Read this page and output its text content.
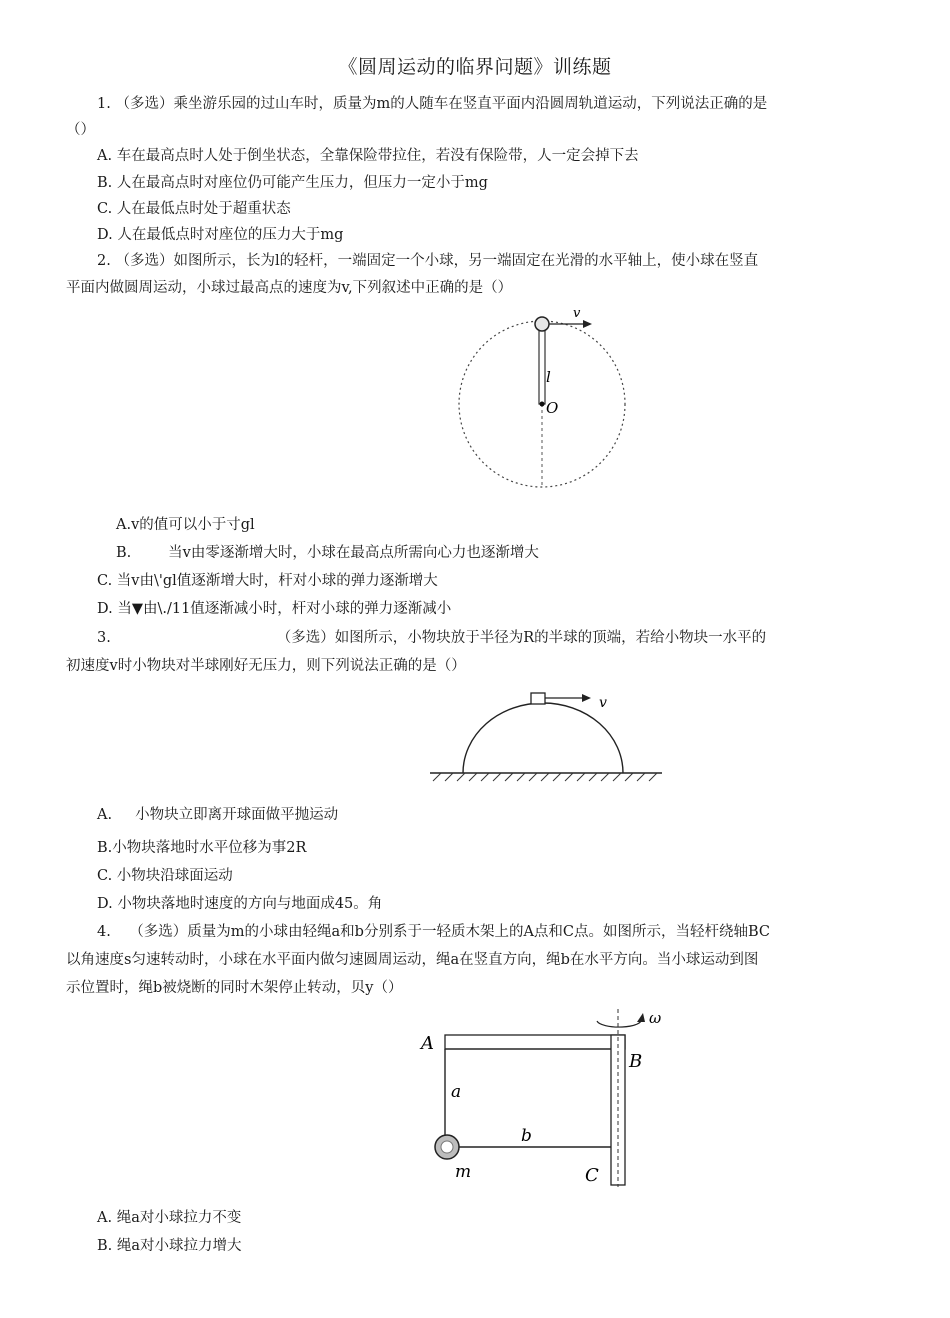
《圆周运动的临界问题》训练题
1. （多选）乘坐游乐园的过山车时，质量为m的人随车在竖直平面内沿圆周轨道运动，下列说法正确的是
（）
A. 车在最高点时人处于倒坐状态，全靠保险带拉住，若没有保险带，人一定会掉下去
B. 人在最高点时对座位仍可能产生压力，但压力一定小于mg
C. 人在最低点时处于超重状态
D. 人在最低点时对座位的压力大于mg
2. （多选）如图所示，长为l的轻杆，一端固定一个小球，另一端固定在光滑的水平轴上，使小球在竖直
平面内做圆周运动，小球过最高点的速度为v,下列叙述中正确的是（）
v
l
O
A.v的值可以小于寸gl
B.        当v由零逐渐增大时，小球在最高点所需向心力也逐渐增大
C. 当v由\'gl值逐渐增大时，杆对小球的弹力逐渐增大
D. 当▼由\./11值逐渐减小时，杆对小球的弹力逐渐减小
3.                                    （多选）如图所示，小物块放于半径为R的半球的顶端，若给小物块一水平的
初速度v时小物块对半球刚好无压力，则下列说法正确的是（）
v
A.     小物块立即离开球面做平抛运动
B.小物块落地时水平位移为事2R
C. 小物块沿球面运动
D. 小物块落地时速度的方向与地面成45。角
4.    （多选）质量为m的小球由轻绳a和b分别系于一轻质木架上的A点和C点。如图所示，当轻杆绕轴BC
以角速度s匀速转动时，小球在水平面内做匀速圆周运动，绳a在竖直方向，绳b在水平方向。当小球运动到图
示位置时，绳b被烧断的同时木架停止转动，贝y（）
ω
A
B
C
a
b
m
A. 绳a对小球拉力不变
B. 绳a对小球拉力增大
